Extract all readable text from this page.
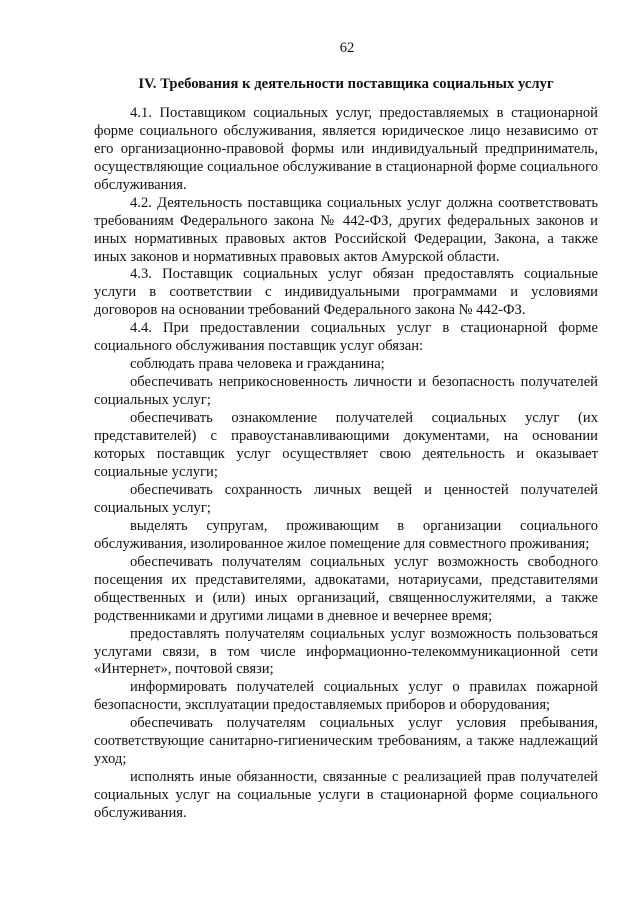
62
IV. Требования к деятельности поставщика социальных услуг

4.1. Поставщиком социальных услуг, предоставляемых в стационарной форме социального обслуживания, является юридическое лицо независимо от его организационно-правовой формы или индивидуальный предприниматель, осуществляющие социальное обслуживание в стационарной форме социального обслуживания.

4.2. Деятельность поставщика социальных услуг должна соответствовать требованиям Федерального закона № 442-ФЗ, других федеральных законов и иных нормативных правовых актов Российской Федерации, Закона, а также иных законов и нормативных правовых актов Амурской области.

4.3. Поставщик социальных услуг обязан предоставлять социальные услуги в соответствии с индивидуальными программами и условиями договоров на основании требований Федерального закона № 442-ФЗ.

4.4. При предоставлении социальных услуг в стационарной форме социального обслуживания поставщик услуг обязан:

соблюдать права человека и гражданина;

обеспечивать неприкосновенность личности и безопасность получателей социальных услуг;

обеспечивать ознакомление получателей социальных услуг (их представителей) с правоустанавливающими документами, на основании которых поставщик услуг осуществляет свою деятельность и оказывает социальные услуги;

обеспечивать сохранность личных вещей и ценностей получателей социальных услуг;

выделять супругам, проживающим в организации социального обслуживания, изолированное жилое помещение для совместного проживания;

обеспечивать получателям социальных услуг возможность свободного посещения их представителями, адвокатами, нотариусами, представителями общественных и (или) иных организаций, священнослужителями, а также родственниками и другими лицами в дневное и вечернее время;

предоставлять получателям социальных услуг возможность пользоваться услугами связи, в том числе информационно-телекоммуникационной сети «Интернет», почтовой связи;

информировать получателей социальных услуг о правилах пожарной безопасности, эксплуатации предоставляемых приборов и оборудования;

обеспечивать получателям социальных услуг условия пребывания, соответствующие санитарно-гигиеническим требованиям, а также надлежащий уход;

исполнять иные обязанности, связанные с реализацией прав получателей социальных услуг на социальные услуги в стационарной форме социального обслуживания.
